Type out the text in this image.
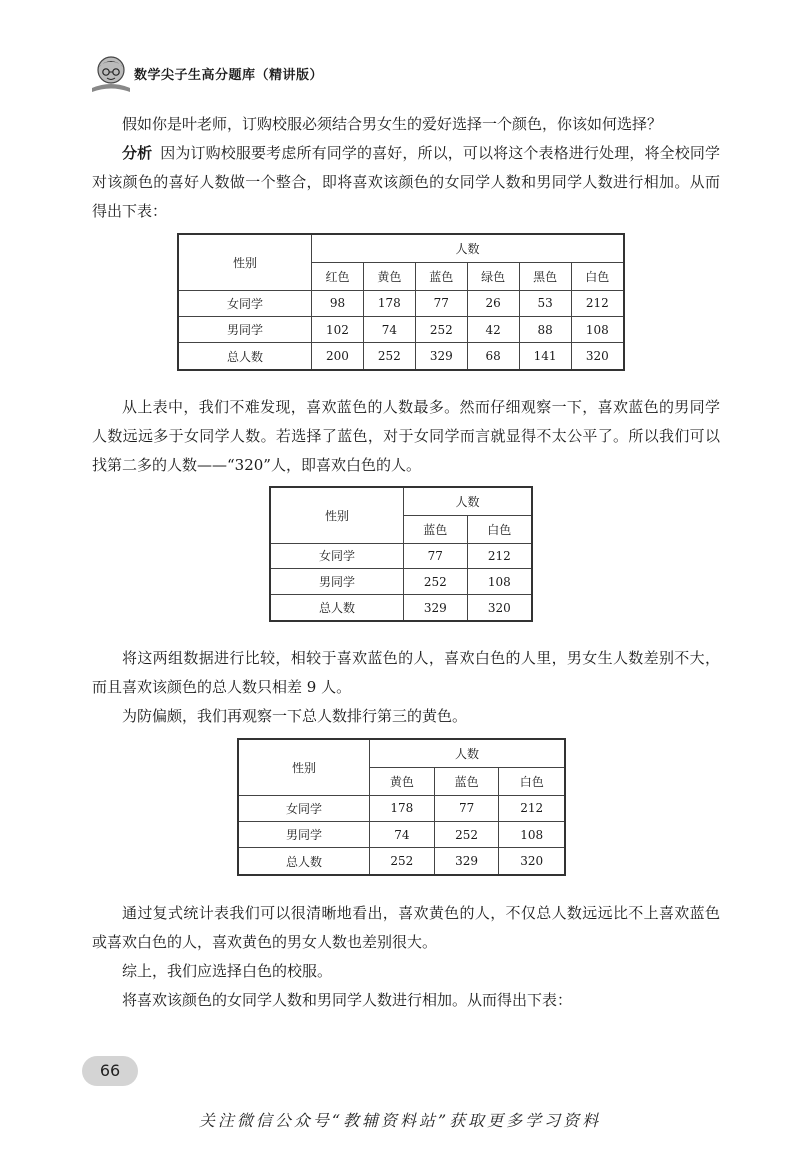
数学尖子生高分题库（精讲版）

假如你是叶老师，订购校服必须结合男女生的爱好选择一个颜色，你该如何选择？

分析 因为订购校服要考虑所有同学的喜好，所以，可以将这个表格进行处理，将全校同学对该颜色的喜好人数做一个整合，即将喜欢该颜色的女同学人数和男同学人数进行相加。从而得出下表：

性别	人数					
	红色	黄色	蓝色	绿色	黑色	白色
女同学	98	178	77	26	53	212
男同学	102	74	252	42	88	108
总人数	200	252	329	68	141	320

从上表中，我们不难发现，喜欢蓝色的人数最多。然而仔细观察一下，喜欢蓝色的男同学人数远远多于女同学人数。若选择了蓝色，对于女同学而言就显得不太公平了。所以我们可以找第二多的人数——“320”人，即喜欢白色的人。

性别	人数	
	蓝色	白色
女同学	77	212
男同学	252	108
总人数	329	320

将这两组数据进行比较，相较于喜欢蓝色的人，喜欢白色的人里，男女生人数差别不大，而且喜欢该颜色的总人数只相差 9 人。

为防偏颇，我们再观察一下总人数排行第三的黄色。

性别	人数		
	黄色	蓝色	白色
女同学	178	77	212
男同学	74	252	108
总人数	252	329	320

通过复式统计表我们可以很清晰地看出，喜欢黄色的人，不仅总人数远远比不上喜欢蓝色或喜欢白色的人，喜欢黄色的男女人数也差别很大。

综上，我们应选择白色的校服。

将喜欢该颜色的女同学人数和男同学人数进行相加。从而得出下表：

66
关注微信公众号“教辅资料站”获取更多学习资料
